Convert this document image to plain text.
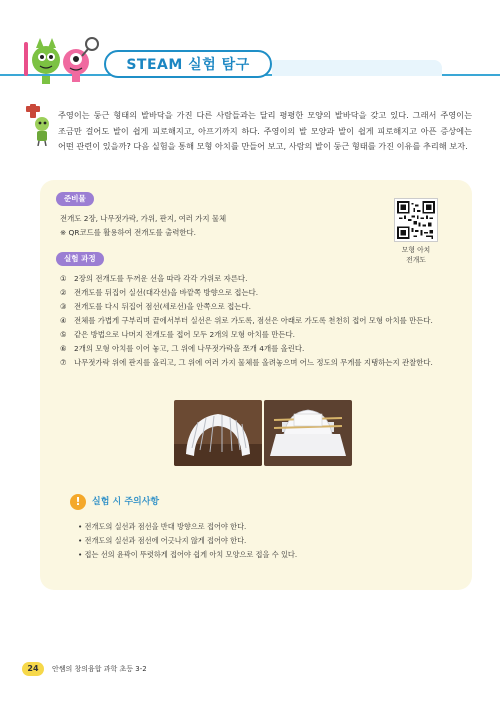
STEAM 실험 탐구

주영이는 둥근 형태의 발바닥을 가진 다른 사람들과는 달리 평평한 모양의 발바닥을 갖고 있다. 그래서 주영이는 조금만 걸어도 발이 쉽게 피로해지고, 아프기까지 하다. 주영이의 발 모양과 발이 쉽게 피로해지고 아픈 증상에는 어떤 관련이 있을까? 다음 실험을 통해 모형 아치를 만들어 보고, 사람의 발이 둥근 형태를 가진 이유를 추리해 보자.

준비물
전개도 2장, 나무젓가락, 가위, 판지, 여러 가지 물체
※ QR코드를 활용하여 전개도를 출력한다.
모형 아치
전개도
실험 과정
① 2장의 전개도를 두꺼운 선을 따라 각각 가위로 자른다.
② 전개도를 뒤집어 실선(대각선)을 바깥쪽 방향으로 접는다.
③ 전개도를 다시 뒤집어 점선(세로선)을 안쪽으로 접는다.
④ 전체를 가볍게 구부리며 끝에서부터 실선은 위로 가도록, 점선은 아래로 가도록 천천히 접어 모형 아치를 만든다.
⑤ 같은 방법으로 나머지 전개도를 접어 모두 2개의 모형 아치를 만든다.
⑥ 2개의 모형 아치를 이어 놓고, 그 위에 나무젓가락을 쪼개 4개를 올린다.
⑦ 나무젓가락 위에 판지를 올리고, 그 위에 여러 가지 물체를 올려놓으며 어느 정도의 무게를 지탱하는지 관찰한다.
!	실험 시 주의사항
• 전개도의 실선과 점선을 반대 방향으로 접어야 한다.
• 전개도의 실선과 점선에 어긋나지 않게 접어야 한다.
• 접는 선의 윤곽이 뚜렷하게 접어야 쉽게 아치 모양으로 접을 수 있다.
24	안쌤의 창의융합 과학 초등 3-2
